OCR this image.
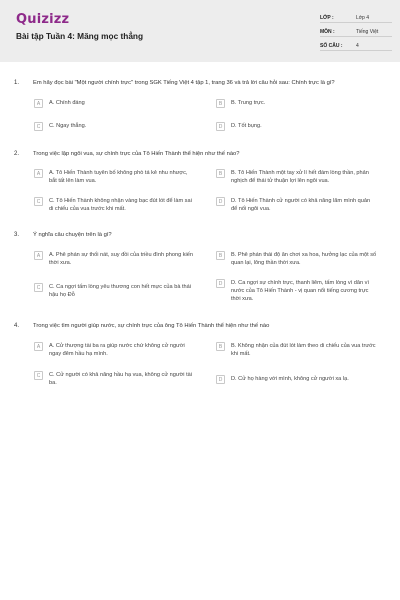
Quizizz
Bài tập Tuần 4: Măng mọc thẳng
LỚP :	Lớp 4
MÔN :	Tiếng Việt
SỐ CÂU :	4
1. Em hãy đọc bài "Một người chính trực" trong SGK Tiếng Việt 4 tập 1, trang 36 và trả lời câu hỏi sau: Chính trực là gì?
A	A. Chính đáng	B	B. Trung trực.
C	C. Ngay thẳng.	D	D. Tốt bụng.
2. Trong việc lập ngôi vua, sự chính trực của Tô Hiến Thành thể hiện như thế nào?
A	A. Tô Hiến Thành tuyên bố không phò tá kẻ nhu nhược, bắt tất lên làm vua.
B	B. Tô Hiến Thành một tay xử lí hết đám lòng thần, phản nghịch để thái tử thuận lợi lên ngôi vua.
C	C. Tô Hiến Thành không nhận vàng bạc đút lót để làm sai di chiếu của vua trước khi mất.
D	D. Tô Hiến Thành cử người có khả năng lãm mình quản để nối ngôi vua.
3. Ý nghĩa câu chuyện trên là gì?
A	A. Phê phán sự thối nát, suy đồi của triều đình phong kiến thời xưa.
B	B. Phê phán thái độ ăn chơi xa hoa, hưởng lạc của một số quan lại, lông thần thời xưa.
C	C. Ca ngợi tấm lòng yêu thương con hết mực của bà thái hậu họ Đỗ
D	D. Ca ngợi sự chính trực, thanh liêm, tấm lòng vì dân vì nước của Tô Hiến Thành - vị quan nổi tiếng cương trực thời xưa.
4. Trong việc tìm người giúp nước, sự chính trực của ông Tô Hiến Thành thể hiện như thế nào
A	A. Cử thượng tài ba ra giúp nước chứ không cử người ngay đêm hầu hạ mình.
B	B. Không nhận của đút lót làm theo di chiếu của vua trước khi mất.
C	C. Cử người có khả năng hầu hạ vua, không cử người tài ba.
D	D. Cử họ hàng với mình, không cử người xa lạ.
